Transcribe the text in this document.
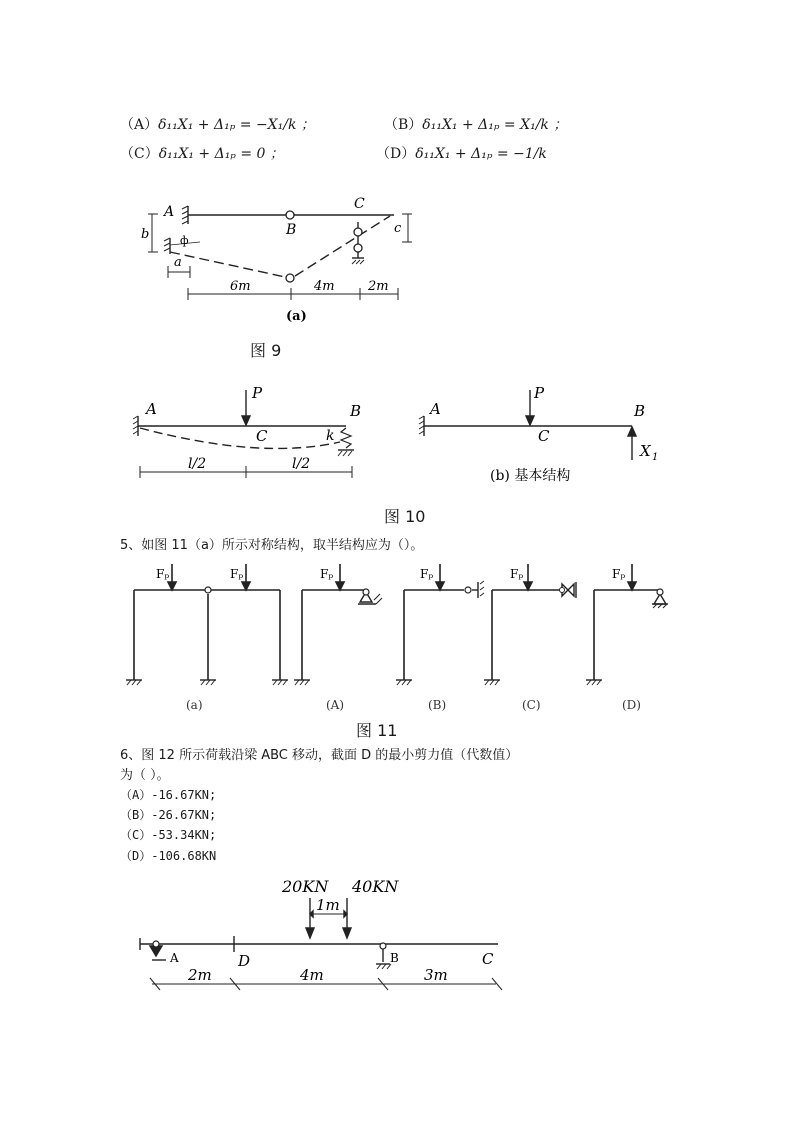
（A）δ₁₁X₁ + Δ₁ₚ = −X₁/k ；	（B）δ₁₁X₁ + Δ₁ₚ = X₁/k ；
（C）δ₁₁X₁ + Δ₁ₚ = 0 ；	（D）δ₁₁X₁ + Δ₁ₚ = −1/k
A
B
C
b	c
a
ф
6m	4m	2m
(a)
图 9
A
P
B
C	k
l/2	l/2
A
P
B
C
X 1
(b) 基本结构
图 10
5、如图 11（a）所示对称结构，取半结构应为（）。
Fₚ	Fₚ	Fₚ	Fₚ	Fₚ	Fₚ
(a)	(A)	(B)	(C)	(D)
图 11
6、图 12 所示荷载沿梁 ABC 移动，截面 D 的最小剪力值（代数值）
为（ ）。
（A）-16.67KN;
（B）-26.67KN;
（C）-53.34KN;
（D）-106.68KN
20KN 40KN
1m
A	D	B	C
2m	4m	3m
